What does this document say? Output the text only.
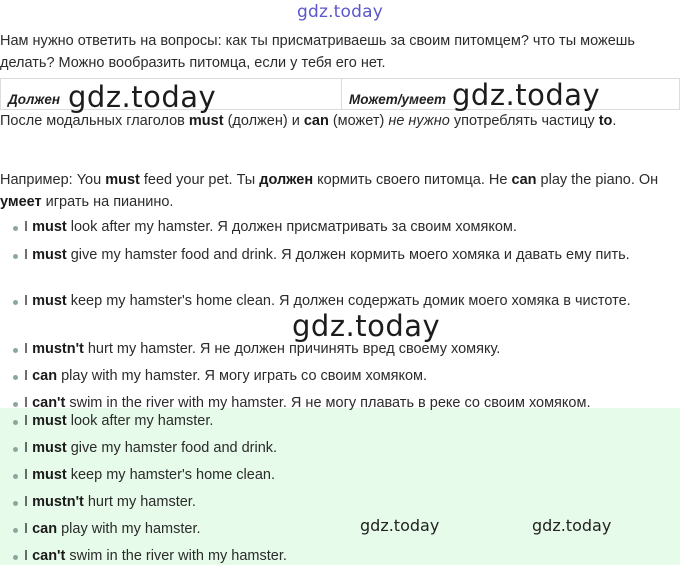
gdz.today
Нам нужно ответить на вопросы: как ты присматриваешь за своим питомцем? что ты можешь делать? Можно вообразить питомца, если у тебя его нет.
Должен	Может/умеет
gdz.today	gdz.today
После модальных глаголов must (должен) и can (может) не нужно употреблять частицу to.
Например: You must feed your pet. Ты должен кормить своего питомца. He can play the piano. Он умеет играть на пианино.
I must look after my hamster. Я должен присматривать за своим хомяком.
I must give my hamster food and drink. Я должен кормить моего хомяка и давать ему пить.
I must keep my hamster's home clean. Я должен содержать домик моего хомяка в чистоте.
I mustn't hurt my hamster. Я не должен причинять вред своему хомяку.
I can play with my hamster. Я могу играть со своим хомяком.
I can't swim in the river with my hamster. Я не могу плавать в реке со своим хомяком.
gdz.today
I must look after my hamster.
I must give my hamster food and drink.
I must keep my hamster's home clean.
I mustn't hurt my hamster.
I can play with my hamster.
I can't swim in the river with my hamster.
gdz.today	gdz.today
